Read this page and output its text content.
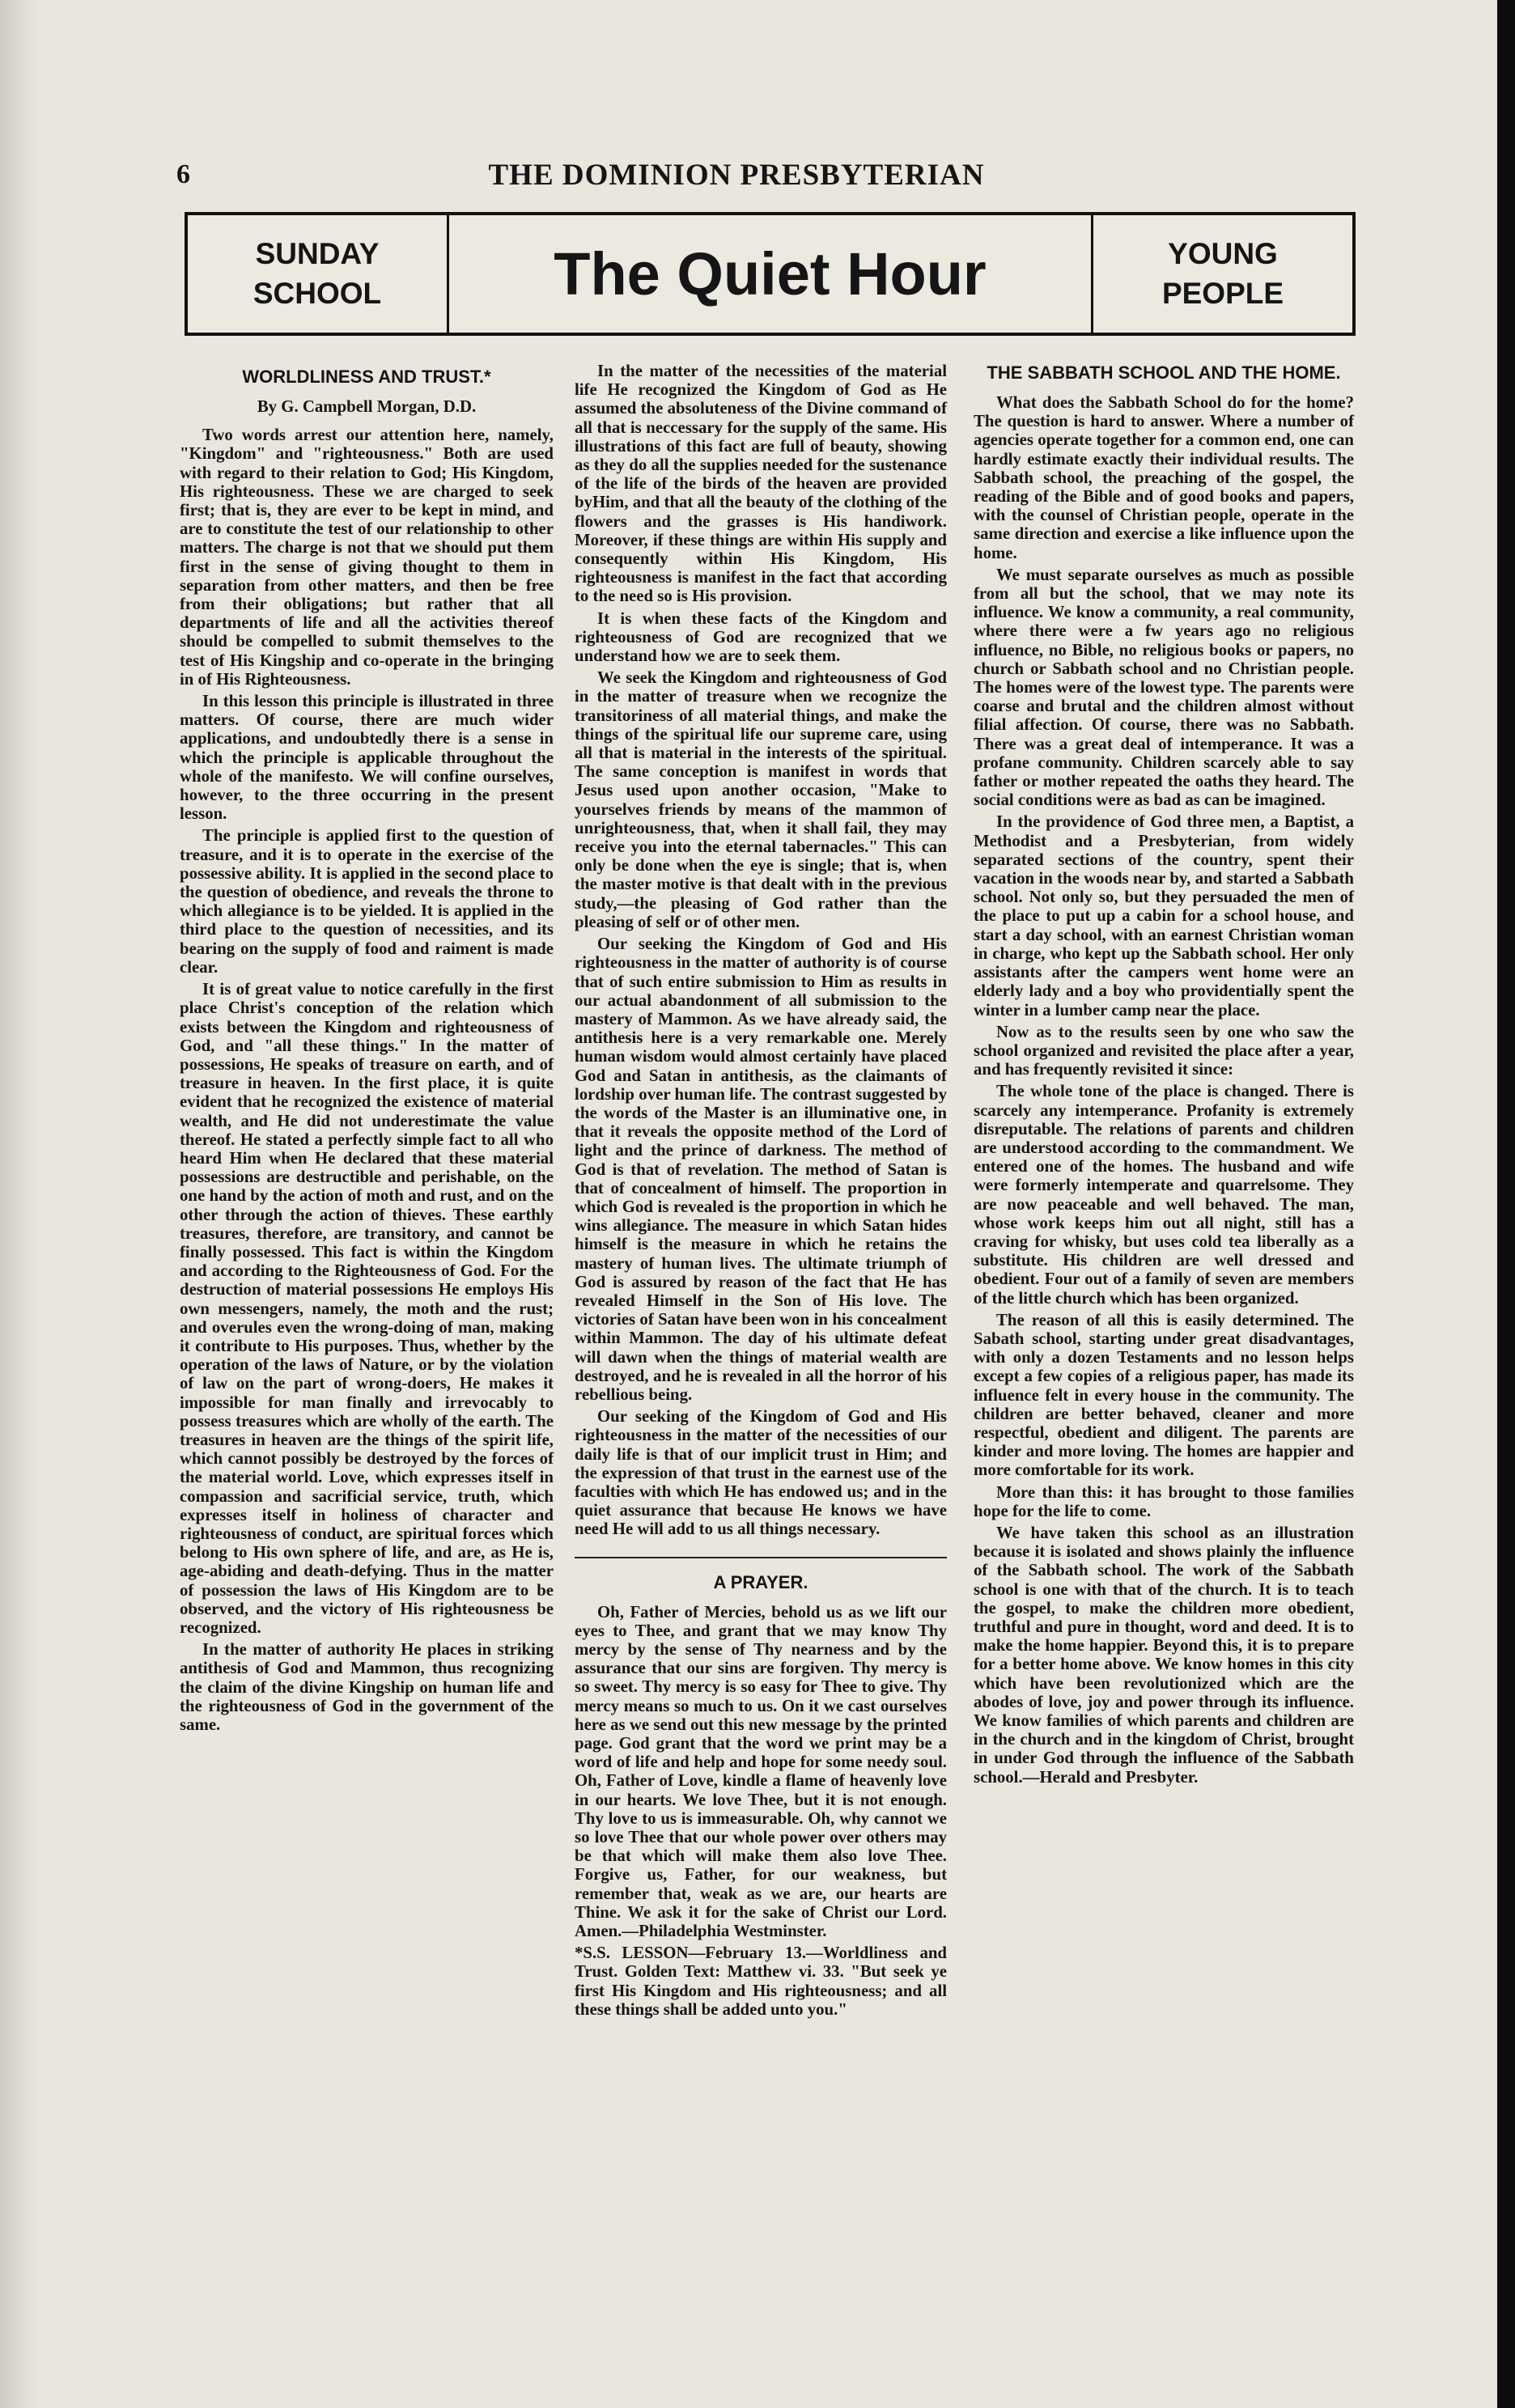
6	THE DOMINION PRESBYTERIAN
SUNDAY
SCHOOL	The Quiet Hour	YOUNG
PEOPLE
WORLDLINESS AND TRUST.*
By G. Campbell Morgan, D.D.

Two words arrest our attention here, namely, "Kingdom" and "righteousness." Both are used with regard to their relation to God; His Kingdom, His righteousness. These we are charged to seek first; that is, they are ever to be kept in mind, and are to constitute the test of our relationship to other matters. The charge is not that we should put them first in the sense of giving thought to them in separation from other matters, and then be free from their obligations; but rather that all departments of life and all the activities thereof should be compelled to submit themselves to the test of His Kingship and co-operate in the bringing in of His Righteousness.

In this lesson this principle is illustrated in three matters. Of course, there are much wider applications, and undoubtedly there is a sense in which the principle is applicable throughout the whole of the manifesto. We will confine ourselves, however, to the three occurring in the present lesson.

The principle is applied first to the question of treasure, and it is to operate in the exercise of the possessive ability. It is applied in the second place to the question of obedience, and reveals the throne to which allegiance is to be yielded. It is applied in the third place to the question of necessities, and its bearing on the supply of food and raiment is made clear.

It is of great value to notice carefully in the first place Christ's conception of the relation which exists between the Kingdom and righteousness of God, and "all these things." In the matter of possessions, He speaks of treasure on earth, and of treasure in heaven. In the first place, it is quite evident that he recognized the existence of material wealth, and He did not underestimate the value thereof. He stated a perfectly simple fact to all who heard Him when He declared that these material possessions are destructible and perishable, on the one hand by the action of moth and rust, and on the other through the action of thieves. These earthly treasures, therefore, are transitory, and cannot be finally possessed. This fact is within the Kingdom and according to the Righteousness of God. For the destruction of material possessions He employs His own messengers, namely, the moth and the rust; and overules even the wrong-doing of man, making it contribute to His purposes. Thus, whether by the operation of the laws of Nature, or by the violation of law on the part of wrong-doers, He makes it impossible for man finally and irrevocably to possess treasures which are wholly of the earth. The treasures in heaven are the things of the spirit life, which cannot possibly be destroyed by the forces of the material world. Love, which expresses itself in compassion and sacrificial service, truth, which expresses itself in holiness of character and righteousness of conduct, are spiritual forces which belong to His own sphere of life, and are, as He is, age-abiding and death-defying. Thus in the matter of possession the laws of His Kingdom are to be observed, and the victory of His righteousness be recognized.

In the matter of authority He places in striking antithesis of God and Mammon, thus recognizing the claim of the divine Kingship on human life and the righteousness of God in the government of the same.

In the matter of the necessities of the material life He recognized the Kingdom of God as He assumed the absoluteness of the Divine command of all that is neccessary for the supply of the same. His illustrations of this fact are full of beauty, showing as they do all the supplies needed for the sustenance of the life of the birds of the heaven are provided byHim, and that all the beauty of the clothing of the flowers and the grasses is His handiwork. Moreover, if these things are within His supply and consequently within His Kingdom, His righteousness is manifest in the fact that according to the need so is His provision.

It is when these facts of the Kingdom and righteousness of God are recognized that we understand how we are to seek them.

We seek the Kingdom and righteousness of God in the matter of treasure when we recognize the transitoriness of all material things, and make the things of the spiritual life our supreme care, using all that is material in the interests of the spiritual. The same conception is manifest in words that Jesus used upon another occasion, "Make to yourselves friends by means of the mammon of unrighteousness, that, when it shall fail, they may receive you into the eternal tabernacles." This can only be done when the eye is single; that is, when the master motive is that dealt with in the previous study,—the pleasing of God rather than the pleasing of self or of other men.

Our seeking the Kingdom of God and His righteousness in the matter of authority is of course that of such entire submission to Him as results in our actual abandonment of all submission to the mastery of Mammon. As we have already said, the antithesis here is a very remarkable one. Merely human wisdom would almost certainly have placed God and Satan in antithesis, as the claimants of lordship over human life. The contrast suggested by the words of the Master is an illuminative one, in that it reveals the opposite method of the Lord of light and the prince of darkness. The method of God is that of revelation. The method of Satan is that of concealment of himself. The proportion in which God is revealed is the proportion in which he wins allegiance. The measure in which Satan hides himself is the measure in which he retains the mastery of human lives. The ultimate triumph of God is assured by reason of the fact that He has revealed Himself in the Son of His love. The victories of Satan have been won in his concealment within Mammon. The day of his ultimate defeat will dawn when the things of material wealth are destroyed, and he is revealed in all the horror of his rebellious being.

Our seeking of the Kingdom of God and His righteousness in the matter of the necessities of our daily life is that of our implicit trust in Him; and the expression of that trust in the earnest use of the faculties with which He has endowed us; and in the quiet assurance that because He knows we have need He will add to us all things necessary.

A PRAYER.

Oh, Father of Mercies, behold us as we lift our eyes to Thee, and grant that we may know Thy mercy by the sense of Thy nearness and by the assurance that our sins are forgiven. Thy mercy is so sweet. Thy mercy is so easy for Thee to give. Thy mercy means so much to us. On it we cast ourselves here as we send out this new message by the printed page. God grant that the word we print may be a word of life and help and hope for some needy soul. Oh, Father of Love, kindle a flame of heavenly love in our hearts. We love Thee, but it is not enough. Thy love to us is immeasurable. Oh, why cannot we so love Thee that our whole power over others may be that which will make them also love Thee. Forgive us, Father, for our weakness, but remember that, weak as we are, our hearts are Thine. We ask it for the sake of Christ our Lord. Amen.—Philadelphia Westminster.

*S.S. LESSON—February 13.—Worldliness and Trust. Golden Text: Matthew vi. 33. "But seek ye first His Kingdom and His righteousness; and all these things shall be added unto you."

THE SABBATH SCHOOL AND THE HOME.

What does the Sabbath School do for the home? The question is hard to answer. Where a number of agencies operate together for a common end, one can hardly estimate exactly their individual results. The Sabbath school, the preaching of the gospel, the reading of the Bible and of good books and papers, with the counsel of Christian people, operate in the same direction and exercise a like influence upon the home.

We must separate ourselves as much as possible from all but the school, that we may note its influence. We know a community, a real community, where there were a fw years ago no religious influence, no Bible, no religious books or papers, no church or Sabbath school and no Christian people. The homes were of the lowest type. The parents were coarse and brutal and the children almost without filial affection. Of course, there was no Sabbath. There was a great deal of intemperance. It was a profane community. Children scarcely able to say father or mother repeated the oaths they heard. The social conditions were as bad as can be imagined.

In the providence of God three men, a Baptist, a Methodist and a Presbyterian, from widely separated sections of the country, spent their vacation in the woods near by, and started a Sabbath school. Not only so, but they persuaded the men of the place to put up a cabin for a school house, and start a day school, with an earnest Christian woman in charge, who kept up the Sabbath school. Her only assistants after the campers went home were an elderly lady and a boy who providentially spent the winter in a lumber camp near the place.

Now as to the results seen by one who saw the school organized and revisited the place after a year, and has frequently revisited it since:

The whole tone of the place is changed. There is scarcely any intemperance. Profanity is extremely disreputable. The relations of parents and children are understood according to the commandment. We entered one of the homes. The husband and wife were formerly intemperate and quarrelsome. They are now peaceable and well behaved. The man, whose work keeps him out all night, still has a craving for whisky, but uses cold tea liberally as a substitute. His children are well dressed and obedient. Four out of a family of seven are members of the little church which has been organized.

The reason of all this is easily determined. The Sabath school, starting under great disadvantages, with only a dozen Testaments and no lesson helps except a few copies of a religious paper, has made its influence felt in every house in the community. The children are better behaved, cleaner and more respectful, obedient and diligent. The parents are kinder and more loving. The homes are happier and more comfortable for its work.

More than this: it has brought to those families hope for the life to come.

We have taken this school as an illustration because it is isolated and shows plainly the influence of the Sabbath school. The work of the Sabbath school is one with that of the church. It is to teach the gospel, to make the children more obedient, truthful and pure in thought, word and deed. It is to make the home happier. Beyond this, it is to prepare for a better home above. We know homes in this city which have been revolutionized which are the abodes of love, joy and power through its influence. We know families of which parents and children are in the church and in the kingdom of Christ, brought in under God through the influence of the Sabbath school.—Herald and Presbyter.
